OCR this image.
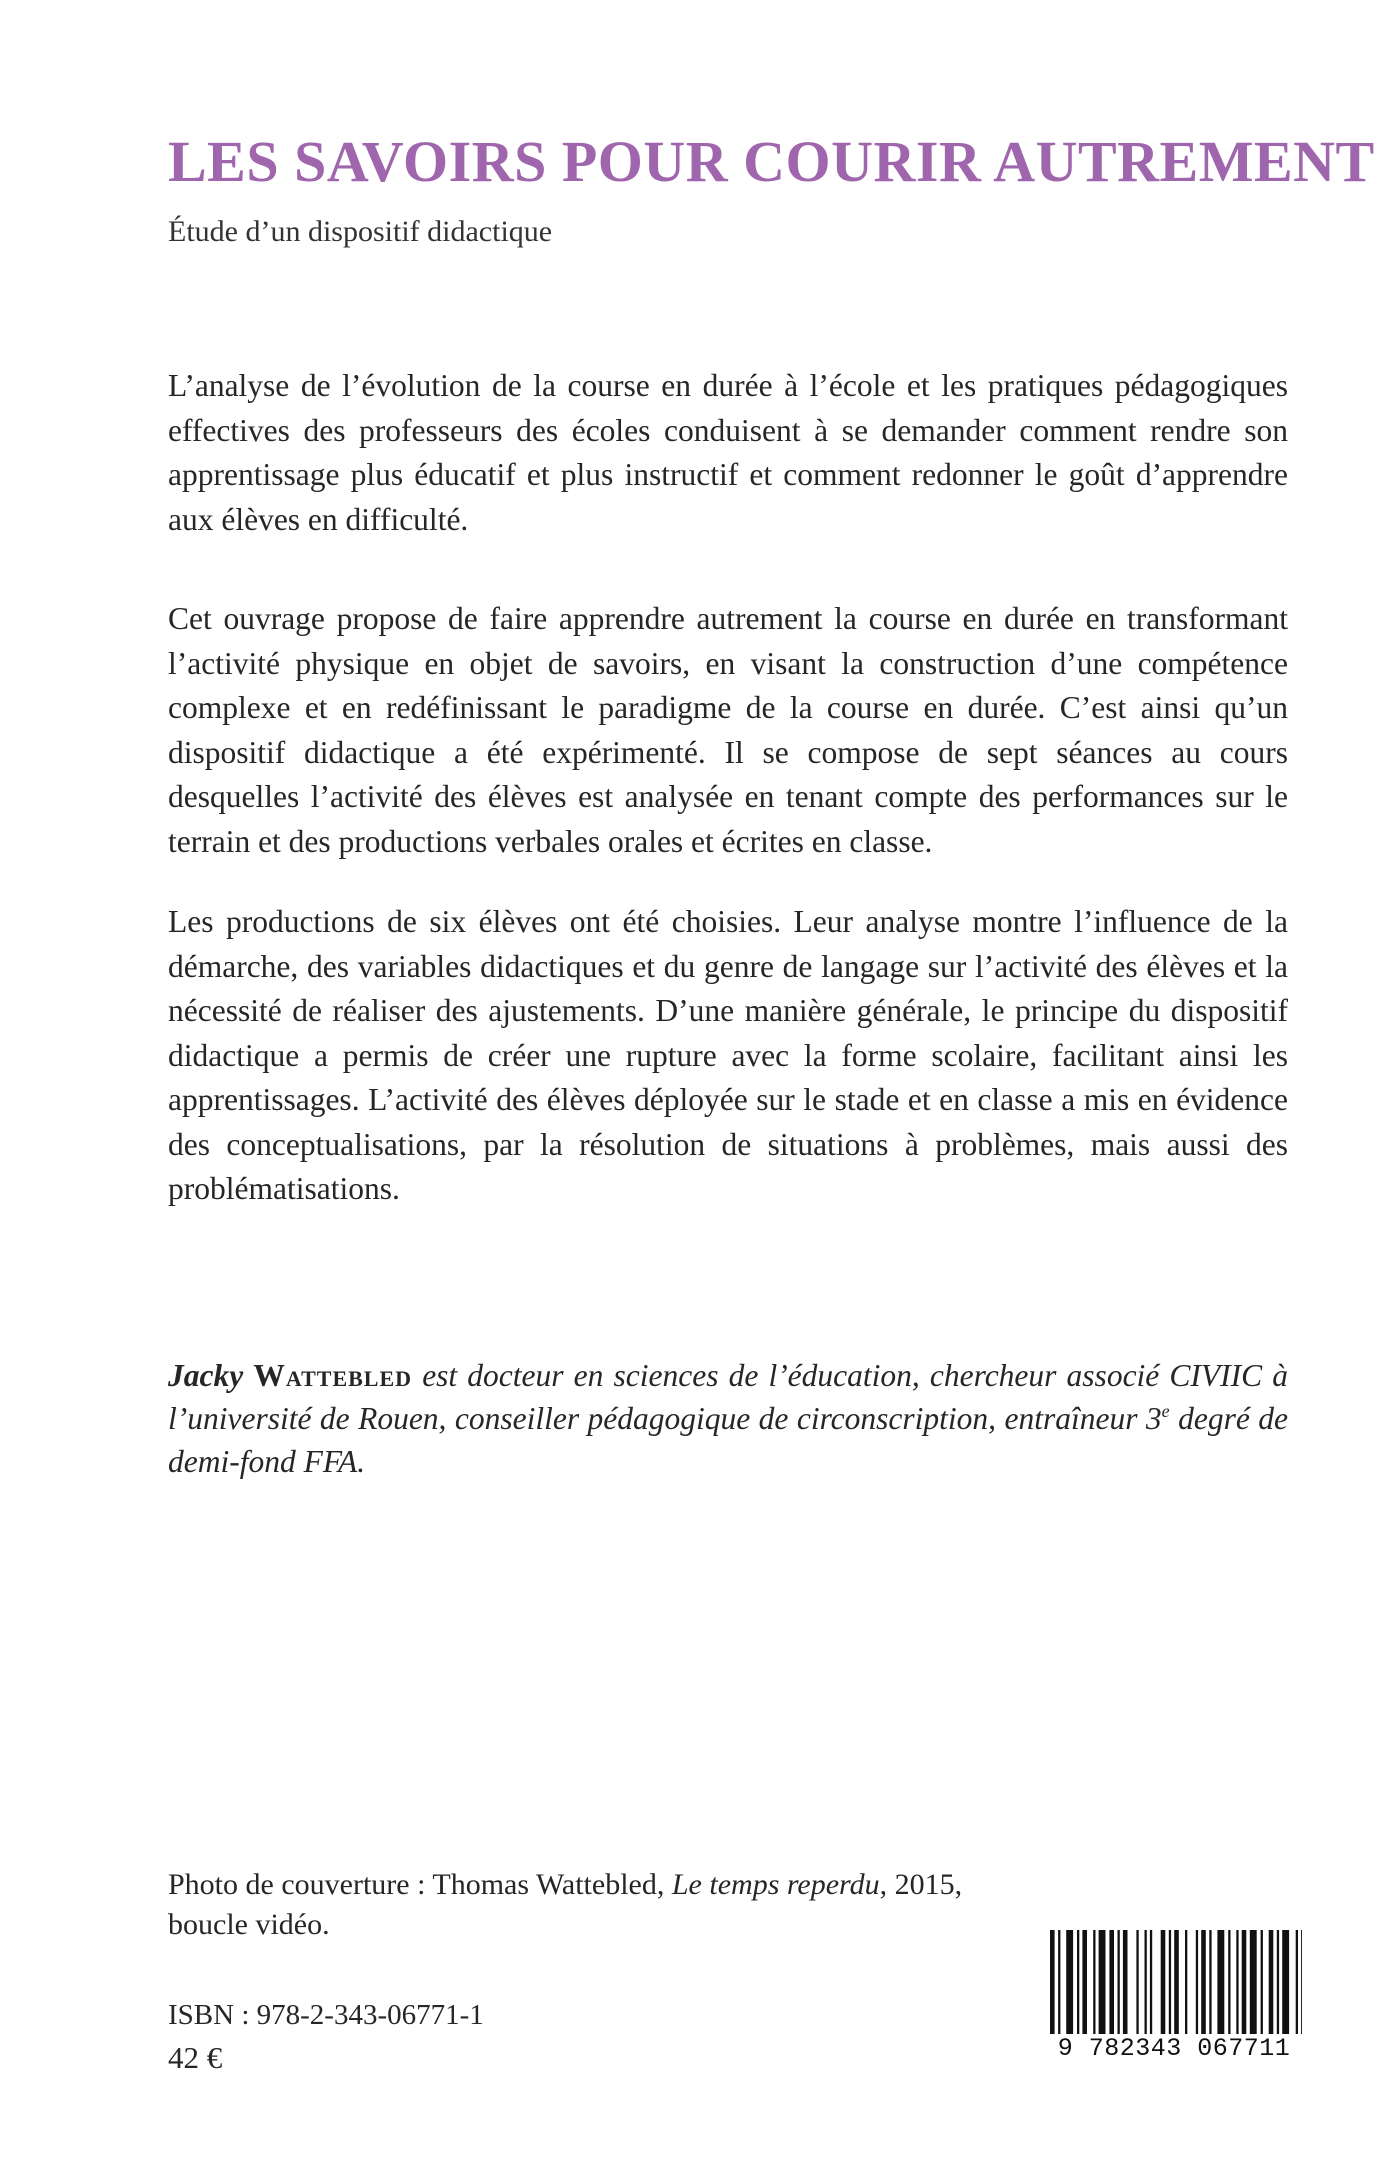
LES SAVOIRS POUR COURIR AUTREMENT

Étude d’un dispositif didactique

L’analyse de l’évolution de la course en durée à l’école et les pratiques pédagogiques effectives des professeurs des écoles conduisent à se demander comment rendre son apprentissage plus éducatif et plus instructif et comment redonner le goût d’apprendre aux élèves en difficulté.

Cet ouvrage propose de faire apprendre autrement la course en durée en transformant l’activité physique en objet de savoirs, en visant la construction d’une compétence complexe et en redéfinissant le paradigme de la course en durée. C’est ainsi qu’un dispositif didactique a été expérimenté. Il se compose de sept séances au cours desquelles l’activité des élèves est analysée en tenant compte des performances sur le terrain et des productions verbales orales et écrites en classe.

Les productions de six élèves ont été choisies. Leur analyse montre l’influence de la démarche, des variables didactiques et du genre de langage sur l’activité des élèves et la nécessité de réaliser des ajustements. D’une manière générale, le principe du dispositif didactique a permis de créer une rupture avec la forme scolaire, facilitant ainsi les apprentissages. L’activité des élèves déployée sur le stade et en classe a mis en évidence des conceptualisations, par la résolution de situations à problèmes, mais aussi des problématisations.

Jacky Wattebled est docteur en sciences de l’éducation, chercheur associé CIVIIC à l’université de Rouen, conseiller pédagogique de circonscription, entraîneur 3e degré de demi-fond FFA.

Photo de couverture : Thomas Wattebled, Le temps reperdu, 2015, boucle vidéo.

ISBN : 978-2-343-06771-1

42 €	9 782343 067711
